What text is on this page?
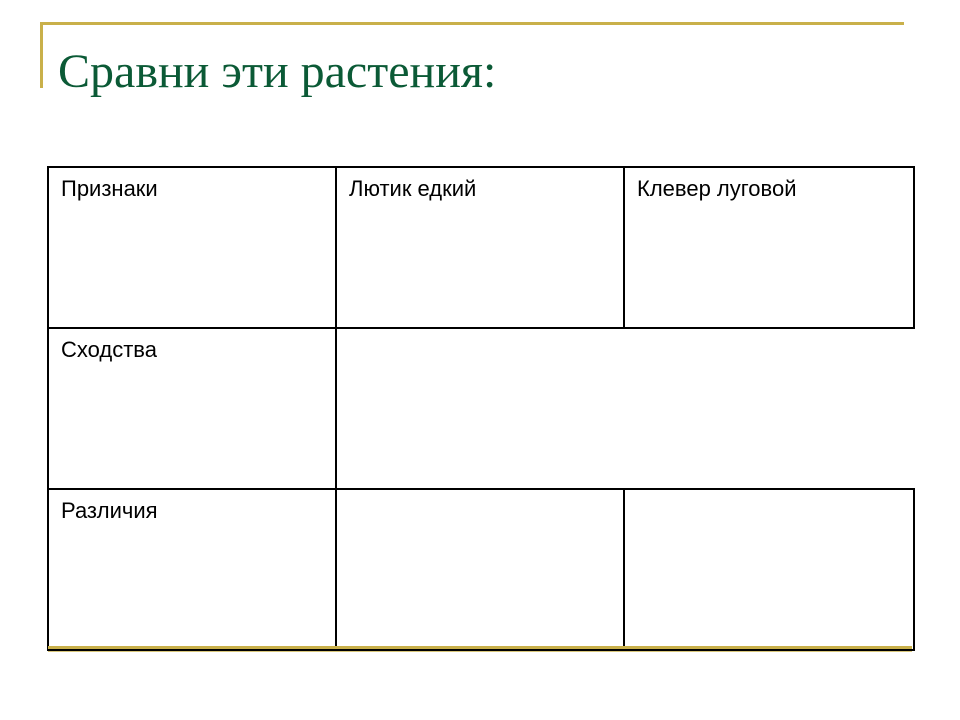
Сравни эти растения:
Признаки	Лютик едкий	Клевер луговой
Сходства		
Различия		
